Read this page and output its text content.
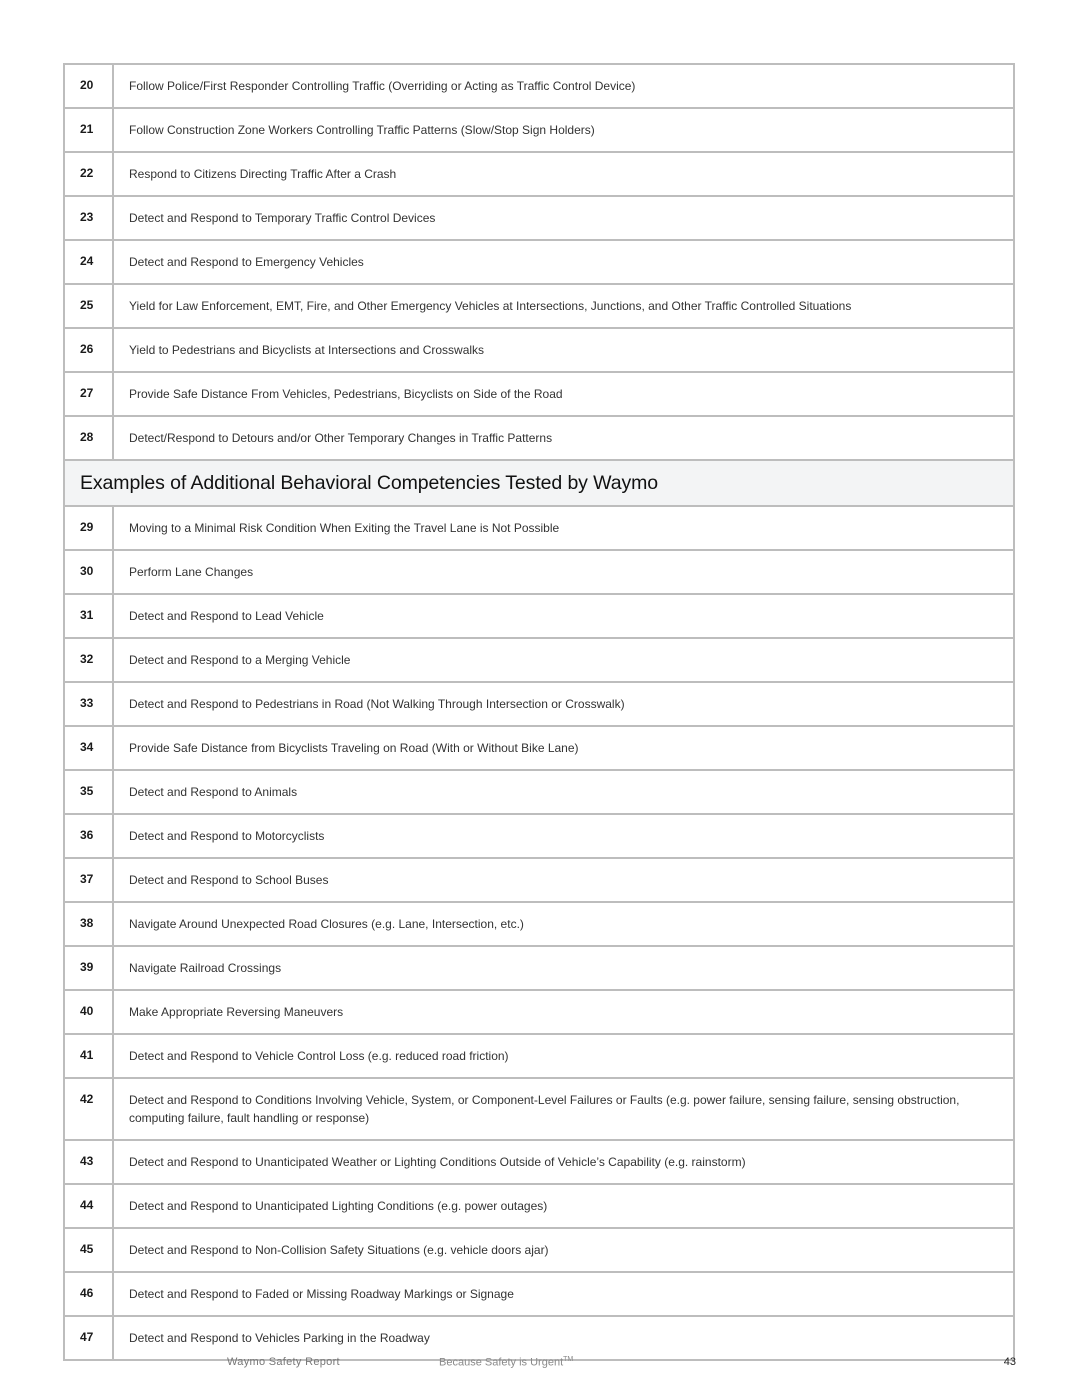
20	Follow Police/First Responder Controlling Traffic (Overriding or Acting as Traffic Control Device)
21	Follow Construction Zone Workers Controlling Traffic Patterns (Slow/Stop Sign Holders)
22	Respond to Citizens Directing Traffic After a Crash
23	Detect and Respond to Temporary Traffic Control Devices
24	Detect and Respond to Emergency Vehicles
25	Yield for Law Enforcement, EMT, Fire, and Other Emergency Vehicles at Intersections, Junctions, and Other Traffic Controlled Situations
26	Yield to Pedestrians and Bicyclists at Intersections and Crosswalks
27	Provide Safe Distance From Vehicles, Pedestrians, Bicyclists on Side of the Road
28	Detect/Respond to Detours and/or Other Temporary Changes in Traffic Patterns
Examples of Additional Behavioral Competencies Tested by Waymo
29	Moving to a Minimal Risk Condition When Exiting the Travel Lane is Not Possible
30	Perform Lane Changes
31	Detect and Respond to Lead Vehicle
32	Detect and Respond to a Merging Vehicle
33	Detect and Respond to Pedestrians in Road (Not Walking Through Intersection or Crosswalk)
34	Provide Safe Distance from Bicyclists Traveling on Road (With or Without Bike Lane)
35	Detect and Respond to Animals
36	Detect and Respond to Motorcyclists
37	Detect and Respond to School Buses
38	Navigate Around Unexpected Road Closures (e.g. Lane, Intersection, etc.)
39	Navigate Railroad Crossings
40	Make Appropriate Reversing Maneuvers
41	Detect and Respond to Vehicle Control Loss (e.g. reduced road friction)
42	Detect and Respond to Conditions Involving Vehicle, System, or Component-Level Failures or Faults (e.g. power failure, sensing failure, sensing obstruction, computing failure, fault handling or response)
43	Detect and Respond to Unanticipated Weather or Lighting Conditions Outside of Vehicle’s Capability (e.g. rainstorm)
44	Detect and Respond to Unanticipated Lighting Conditions (e.g. power outages)
45	Detect and Respond to Non-Collision Safety Situations (e.g. vehicle doors ajar)
46	Detect and Respond to Faded or Missing Roadway Markings or Signage
47	Detect and Respond to Vehicles Parking in the Roadway
Waymo Safety Report	Because Safety is Urgent™	43
